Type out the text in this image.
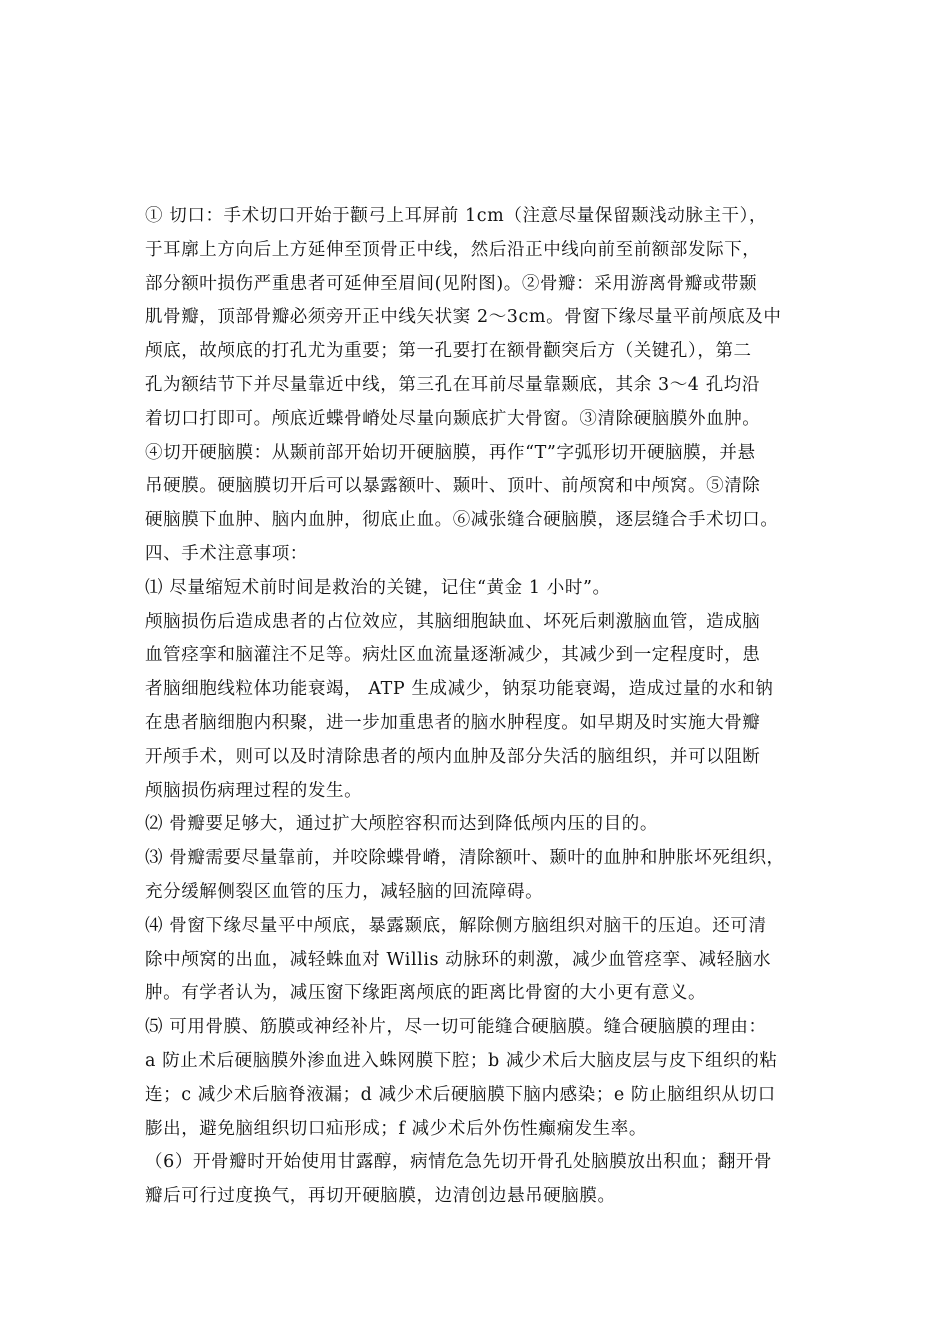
① 切口：手术切口开始于颧弓上耳屏前 1cm（注意尽量保留颞浅动脉主干），
于耳廓上方向后上方延伸至顶骨正中线，然后沿正中线向前至前额部发际下，
部分额叶损伤严重患者可延伸至眉间(见附图)。②骨瓣：采用游离骨瓣或带颞
肌骨瓣，顶部骨瓣必须旁开正中线矢状窦 2～3cm。骨窗下缘尽量平前颅底及中
颅底，故颅底的打孔尤为重要；第一孔要打在额骨颧突后方（关键孔），第二
孔为额结节下并尽量靠近中线，第三孔在耳前尽量靠颞底，其余 3～4 孔均沿
着切口打即可。颅底近蝶骨嵴处尽量向颞底扩大骨窗。③清除硬脑膜外血肿。
④切开硬脑膜：从颞前部开始切开硬脑膜，再作“T”字弧形切开硬脑膜，并悬
吊硬膜。硬脑膜切开后可以暴露额叶、颞叶、顶叶、前颅窝和中颅窝。⑤清除
硬脑膜下血肿、脑内血肿，彻底止血。⑥减张缝合硬脑膜，逐层缝合手术切口。
四、手术注意事项：
⑴ 尽量缩短术前时间是救治的关键，记住“黄金 1 小时”。
颅脑损伤后造成患者的占位效应，其脑细胞缺血、坏死后刺激脑血管，造成脑
血管痉挛和脑灌注不足等。病灶区血流量逐渐减少，其减少到一定程度时，患
者脑细胞线粒体功能衰竭， ATP 生成减少，钠泵功能衰竭，造成过量的水和钠
在患者脑细胞内积聚，进一步加重患者的脑水肿程度。如早期及时实施大骨瓣
开颅手术，则可以及时清除患者的颅内血肿及部分失活的脑组织，并可以阻断
颅脑损伤病理过程的发生。
⑵ 骨瓣要足够大，通过扩大颅腔容积而达到降低颅内压的目的。
⑶ 骨瓣需要尽量靠前，并咬除蝶骨嵴，清除额叶、颞叶的血肿和肿胀坏死组织，
充分缓解侧裂区血管的压力，减轻脑的回流障碍。
⑷ 骨窗下缘尽量平中颅底，暴露颞底，解除侧方脑组织对脑干的压迫。还可清
除中颅窝的出血，减轻蛛血对 Willis 动脉环的刺激，减少血管痉挛、减轻脑水
肿。有学者认为，减压窗下缘距离颅底的距离比骨窗的大小更有意义。
⑸ 可用骨膜、筋膜或神经补片，尽一切可能缝合硬脑膜。缝合硬脑膜的理由：
a 防止术后硬脑膜外渗血进入蛛网膜下腔；b 减少术后大脑皮层与皮下组织的粘
连；c 减少术后脑脊液漏；d 减少术后硬脑膜下脑内感染；e 防止脑组织从切口
膨出，避免脑组织切口疝形成；f 减少术后外伤性癫痫发生率。
（6）开骨瓣时开始使用甘露醇，病情危急先切开骨孔处脑膜放出积血；翻开骨
瓣后可行过度换气，再切开硬脑膜，边清创边悬吊硬脑膜。
